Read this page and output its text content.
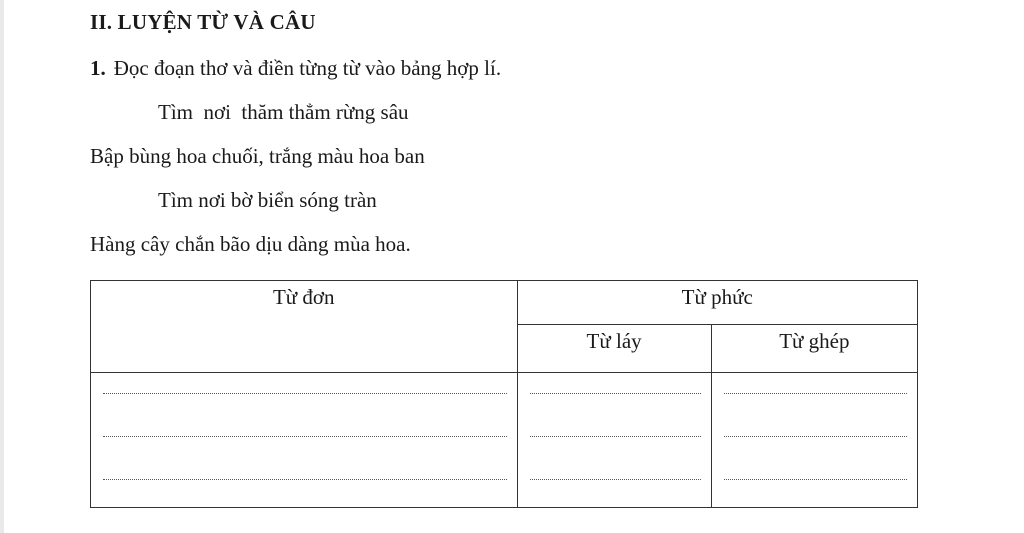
II. LUYỆN TỪ VÀ CÂU

1. Đọc đoạn thơ và điền từng từ vào bảng hợp lí.

Tìm  nơi  thăm thẳm rừng sâu

Bập bùng hoa chuối, trắng màu hoa ban

Tìm nơi bờ biển sóng tràn

Hàng cây chắn bão dịu dàng mùa hoa.

Từ đơn	Từ phức	
	Từ láy	Từ ghép
